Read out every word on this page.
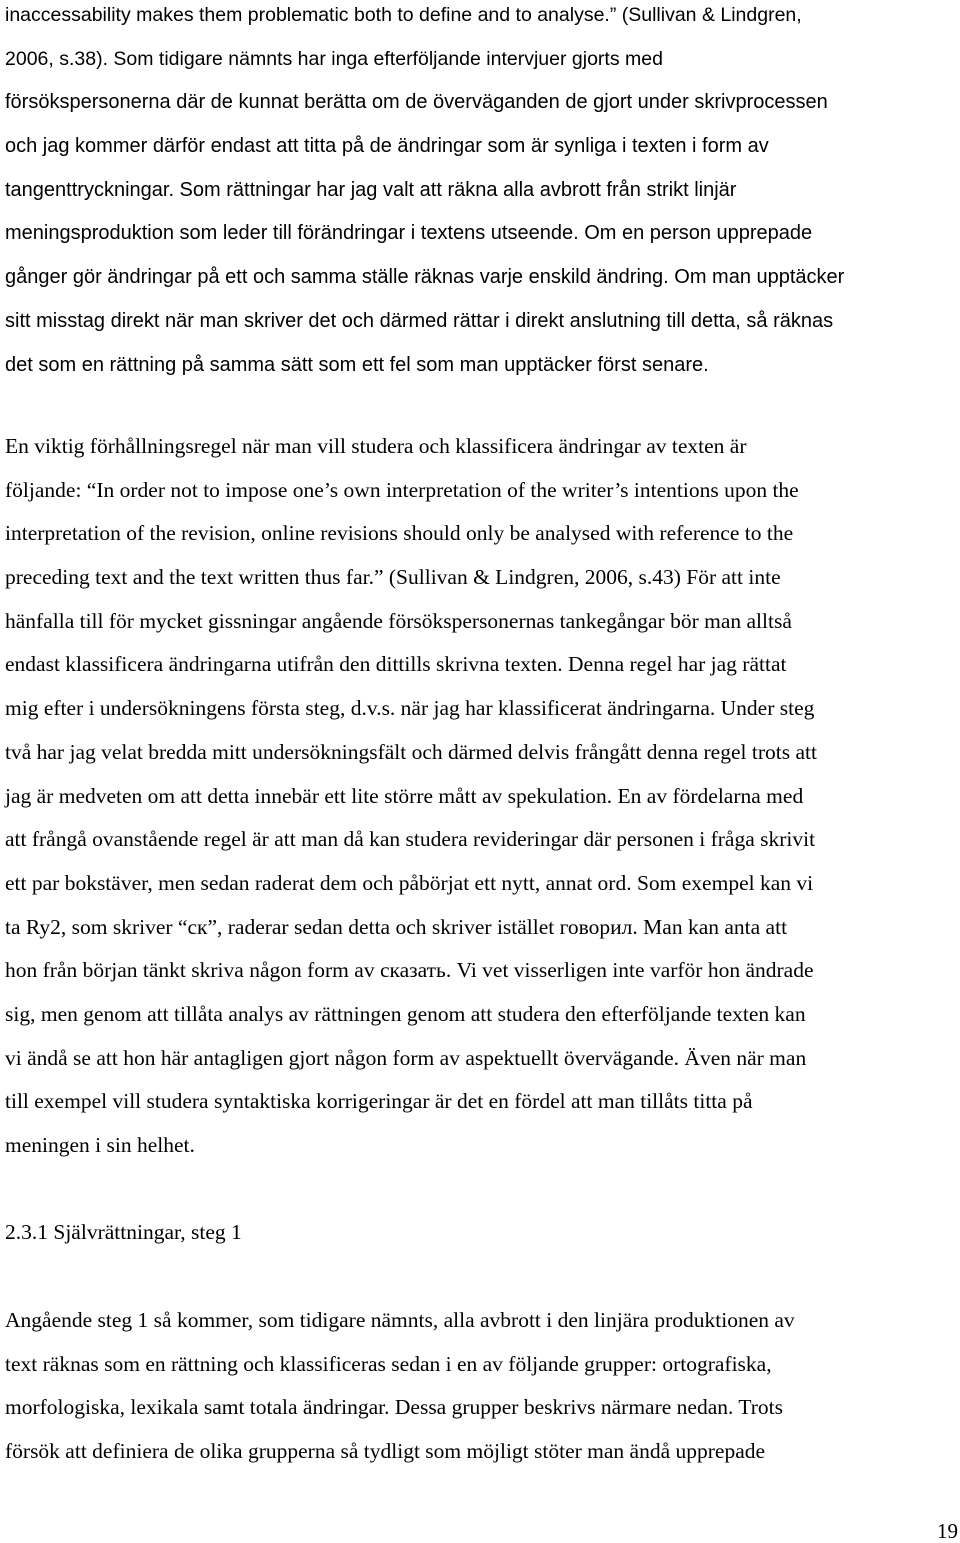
inaccessability makes them problematic both to define and to analyse.” (Sullivan & Lindgren,
2006, s.38). Som tidigare nämnts har inga efterföljande intervjuer gjorts med
försökspersonerna där de kunnat berätta om de överväganden de gjort under skrivprocessen
och jag kommer därför endast att titta på de ändringar som är synliga i texten i form av
tangenttryckningar. Som rättningar har jag valt att räkna alla avbrott från strikt linjär
meningsproduktion som leder till förändringar i textens utseende. Om en person upprepade
gånger gör ändringar på ett och samma ställe räknas varje enskild ändring. Om man upptäcker
sitt misstag direkt när man skriver det och därmed rättar i direkt anslutning till detta, så räknas
det som en rättning på samma sätt som ett fel som man upptäcker först senare.
En viktig förhållningsregel när man vill studera och klassificera ändringar av texten är
följande: “In order not to impose one’s own interpretation of the writer’s intentions upon the
interpretation of the revision, online revisions should only be analysed with reference to the
preceding text and the text written thus far.” (Sullivan & Lindgren, 2006, s.43) För att inte
hänfalla till för mycket gissningar angående försökspersonernas tankegångar bör man alltså
endast klassificera ändringarna utifrån den dittills skrivna texten. Denna regel har jag rättat
mig efter i undersökningens första steg, d.v.s. när jag har klassificerat ändringarna. Under steg
två har jag velat bredda mitt undersökningsfält och därmed delvis frångått denna regel trots att
jag är medveten om att detta innebär ett lite större mått av spekulation. En av fördelarna med
att frångå ovanstående regel är att man då kan studera revideringar där personen i fråga skrivit
ett par bokstäver, men sedan raderat dem och påbörjat ett nytt, annat ord. Som exempel kan vi
ta Ry2, som skriver “ск”, raderar sedan detta och skriver istället говорил. Man kan anta att
hon från början tänkt skriva någon form av сказать. Vi vet visserligen inte varför hon ändrade
sig, men genom att tillåta analys av rättningen genom att studera den efterföljande texten kan
vi ändå se att hon här antagligen gjort någon form av aspektuellt övervägande. Även när man
till exempel vill studera syntaktiska korrigeringar är det en fördel att man tillåts titta på
meningen i sin helhet.
2.3.1 Självrättningar, steg 1
Angående steg 1 så kommer, som tidigare nämnts, alla avbrott i den linjära produktionen av
text räknas som en rättning och klassificeras sedan i en av följande grupper: ortografiska,
morfologiska, lexikala samt totala ändringar. Dessa grupper beskrivs närmare nedan. Trots
försök att definiera de olika grupperna så tydligt som möjligt stöter man ändå upprepade
19
